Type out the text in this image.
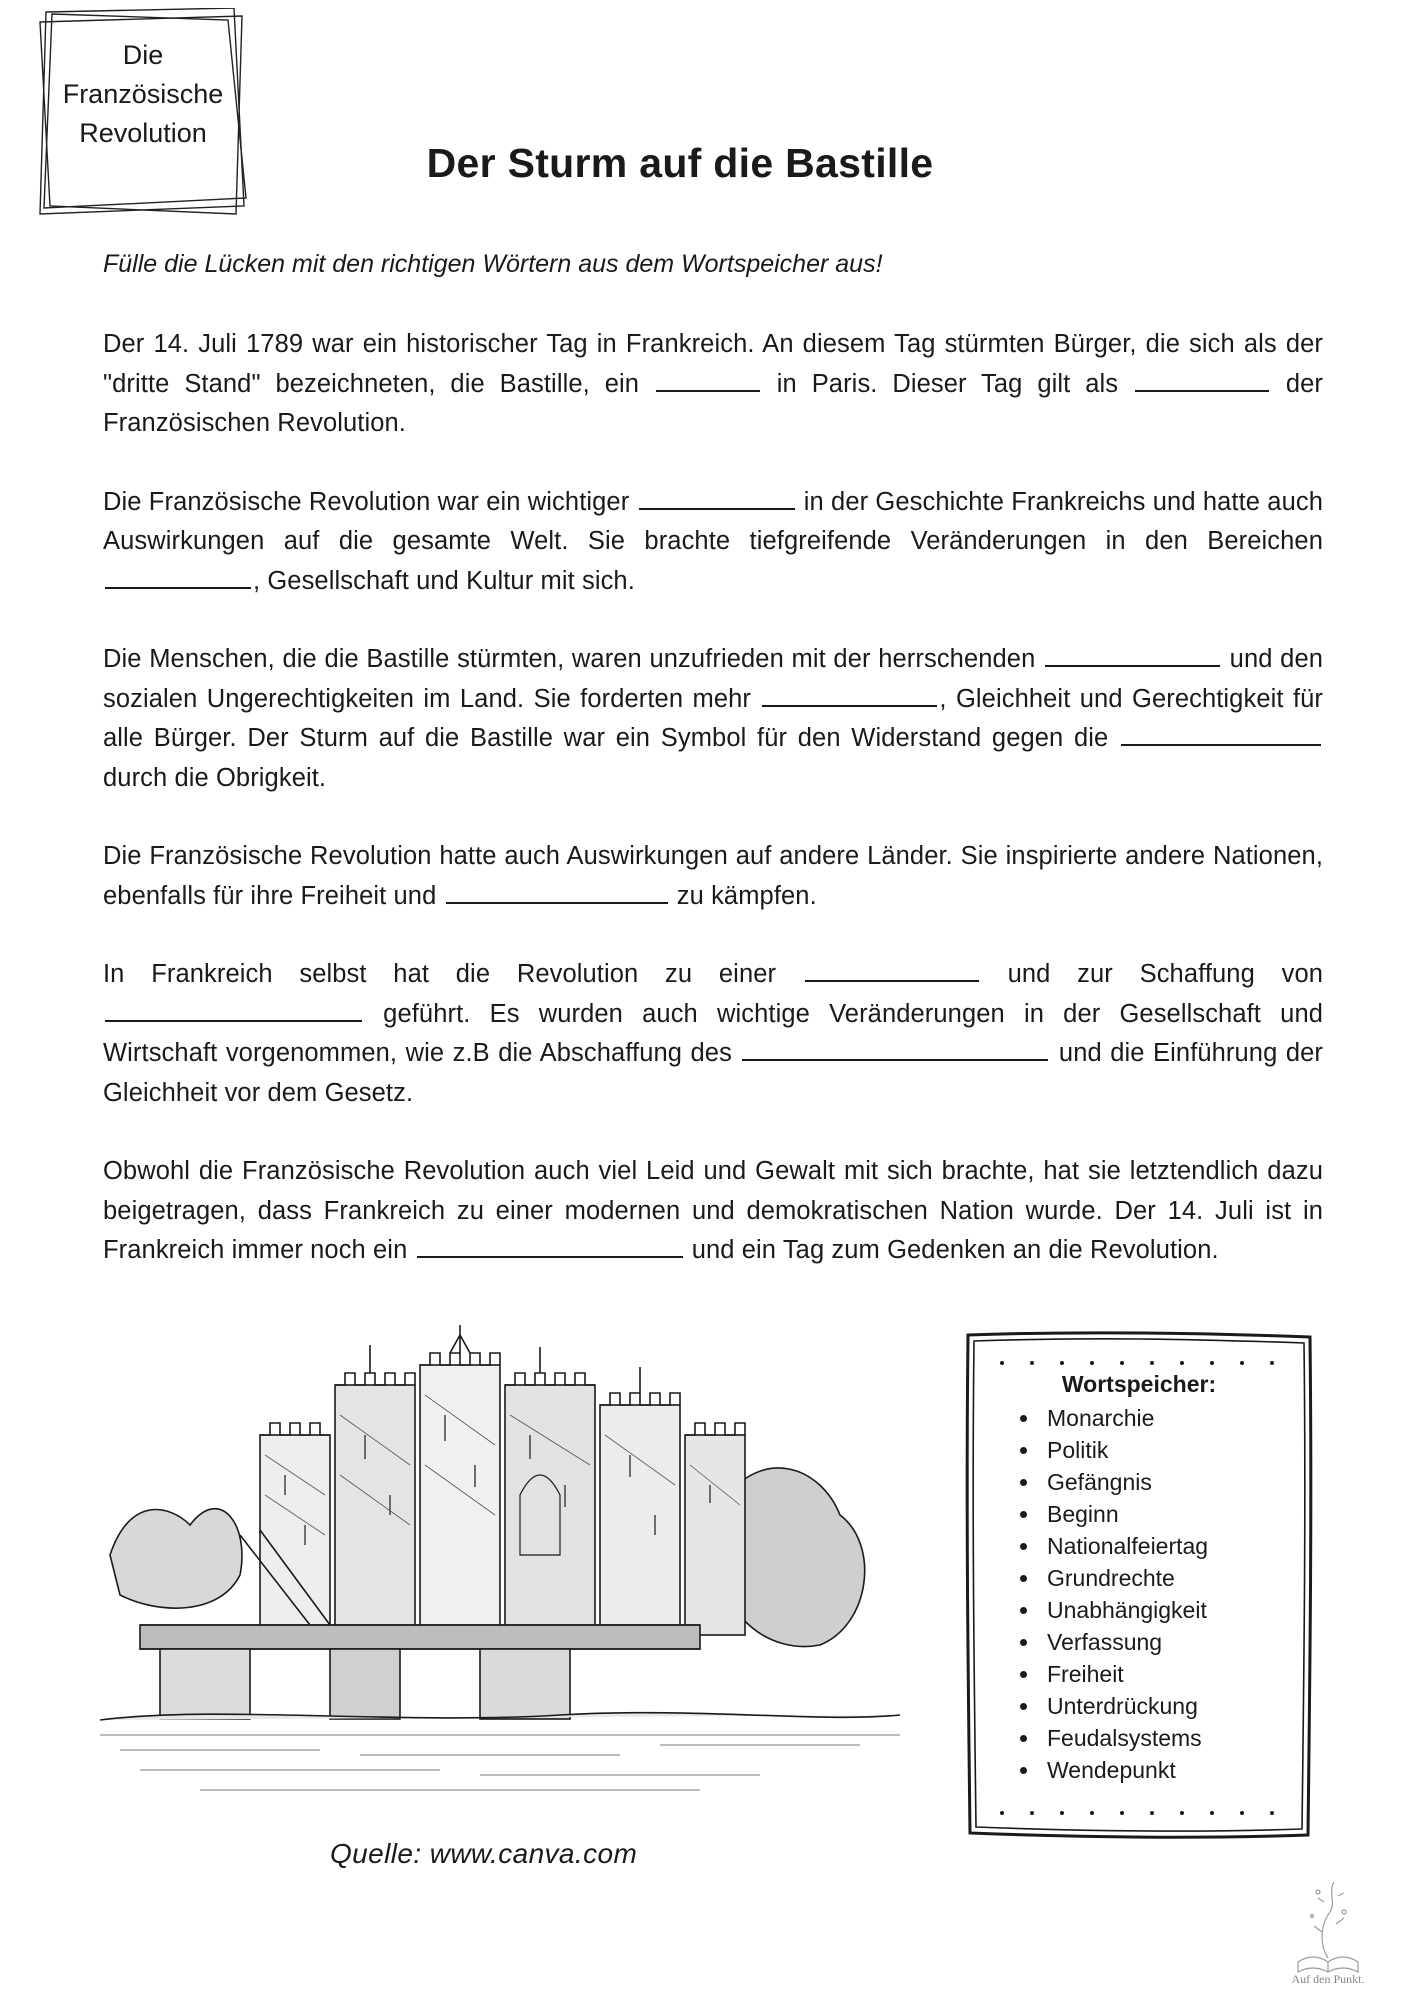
Die
Französische
Revolution
Der Sturm auf die Bastille
Fülle die Lücken mit den richtigen Wörtern aus dem Wortspeicher aus!

Der 14. Juli 1789 war ein historischer Tag in Frankreich. An diesem Tag stürmten Bürger, die sich als der "dritte Stand" bezeichneten, die Bastille, ein	in Paris. Dieser Tag gilt als	der Französischen Revolution.

Die Französische Revolution war ein wichtiger	in der Geschichte Frankreichs und hatte auch Auswirkungen auf die gesamte Welt. Sie brachte tiefgreifende Veränderungen in den Bereichen , Gesellschaft und Kultur mit sich.

Die Menschen, die die Bastille stürmten, waren unzufrieden mit der herrschenden	und den sozialen Ungerechtigkeiten im Land. Sie forderten mehr	, Gleichheit und Gerechtigkeit für alle Bürger. Der Sturm auf die Bastille war ein Symbol für den Widerstand gegen die  durch die Obrigkeit.

Die Französische Revolution hatte auch Auswirkungen auf andere Länder. Sie inspirierte andere Nationen, ebenfalls für ihre Freiheit und	zu kämpfen.

In Frankreich selbst hat die Revolution zu einer	und zur Schaffung von  geführt. Es wurden auch wichtige Veränderungen in der Gesellschaft und Wirtschaft vorgenommen, wie z.B die Abschaffung des	und die Einführung der Gleichheit vor dem Gesetz.

Obwohl die Französische Revolution auch viel Leid und Gewalt mit sich brachte, hat sie letztendlich dazu beigetragen, dass Frankreich zu einer modernen und demokratischen Nation wurde. Der 14. Juli ist in Frankreich immer noch ein	und ein Tag zum Gedenken an die Revolution.

Quelle: www.canva.com
Wortspeicher:
• Monarchie
• Politik
• Gefängnis
• Beginn
• Nationalfeiertag
• Grundrechte
• Unabhängigkeit
• Verfassung
• Freiheit
• Unterdrückung
• Feudalsystems
• Wendepunkt
Auf den Punkt.
